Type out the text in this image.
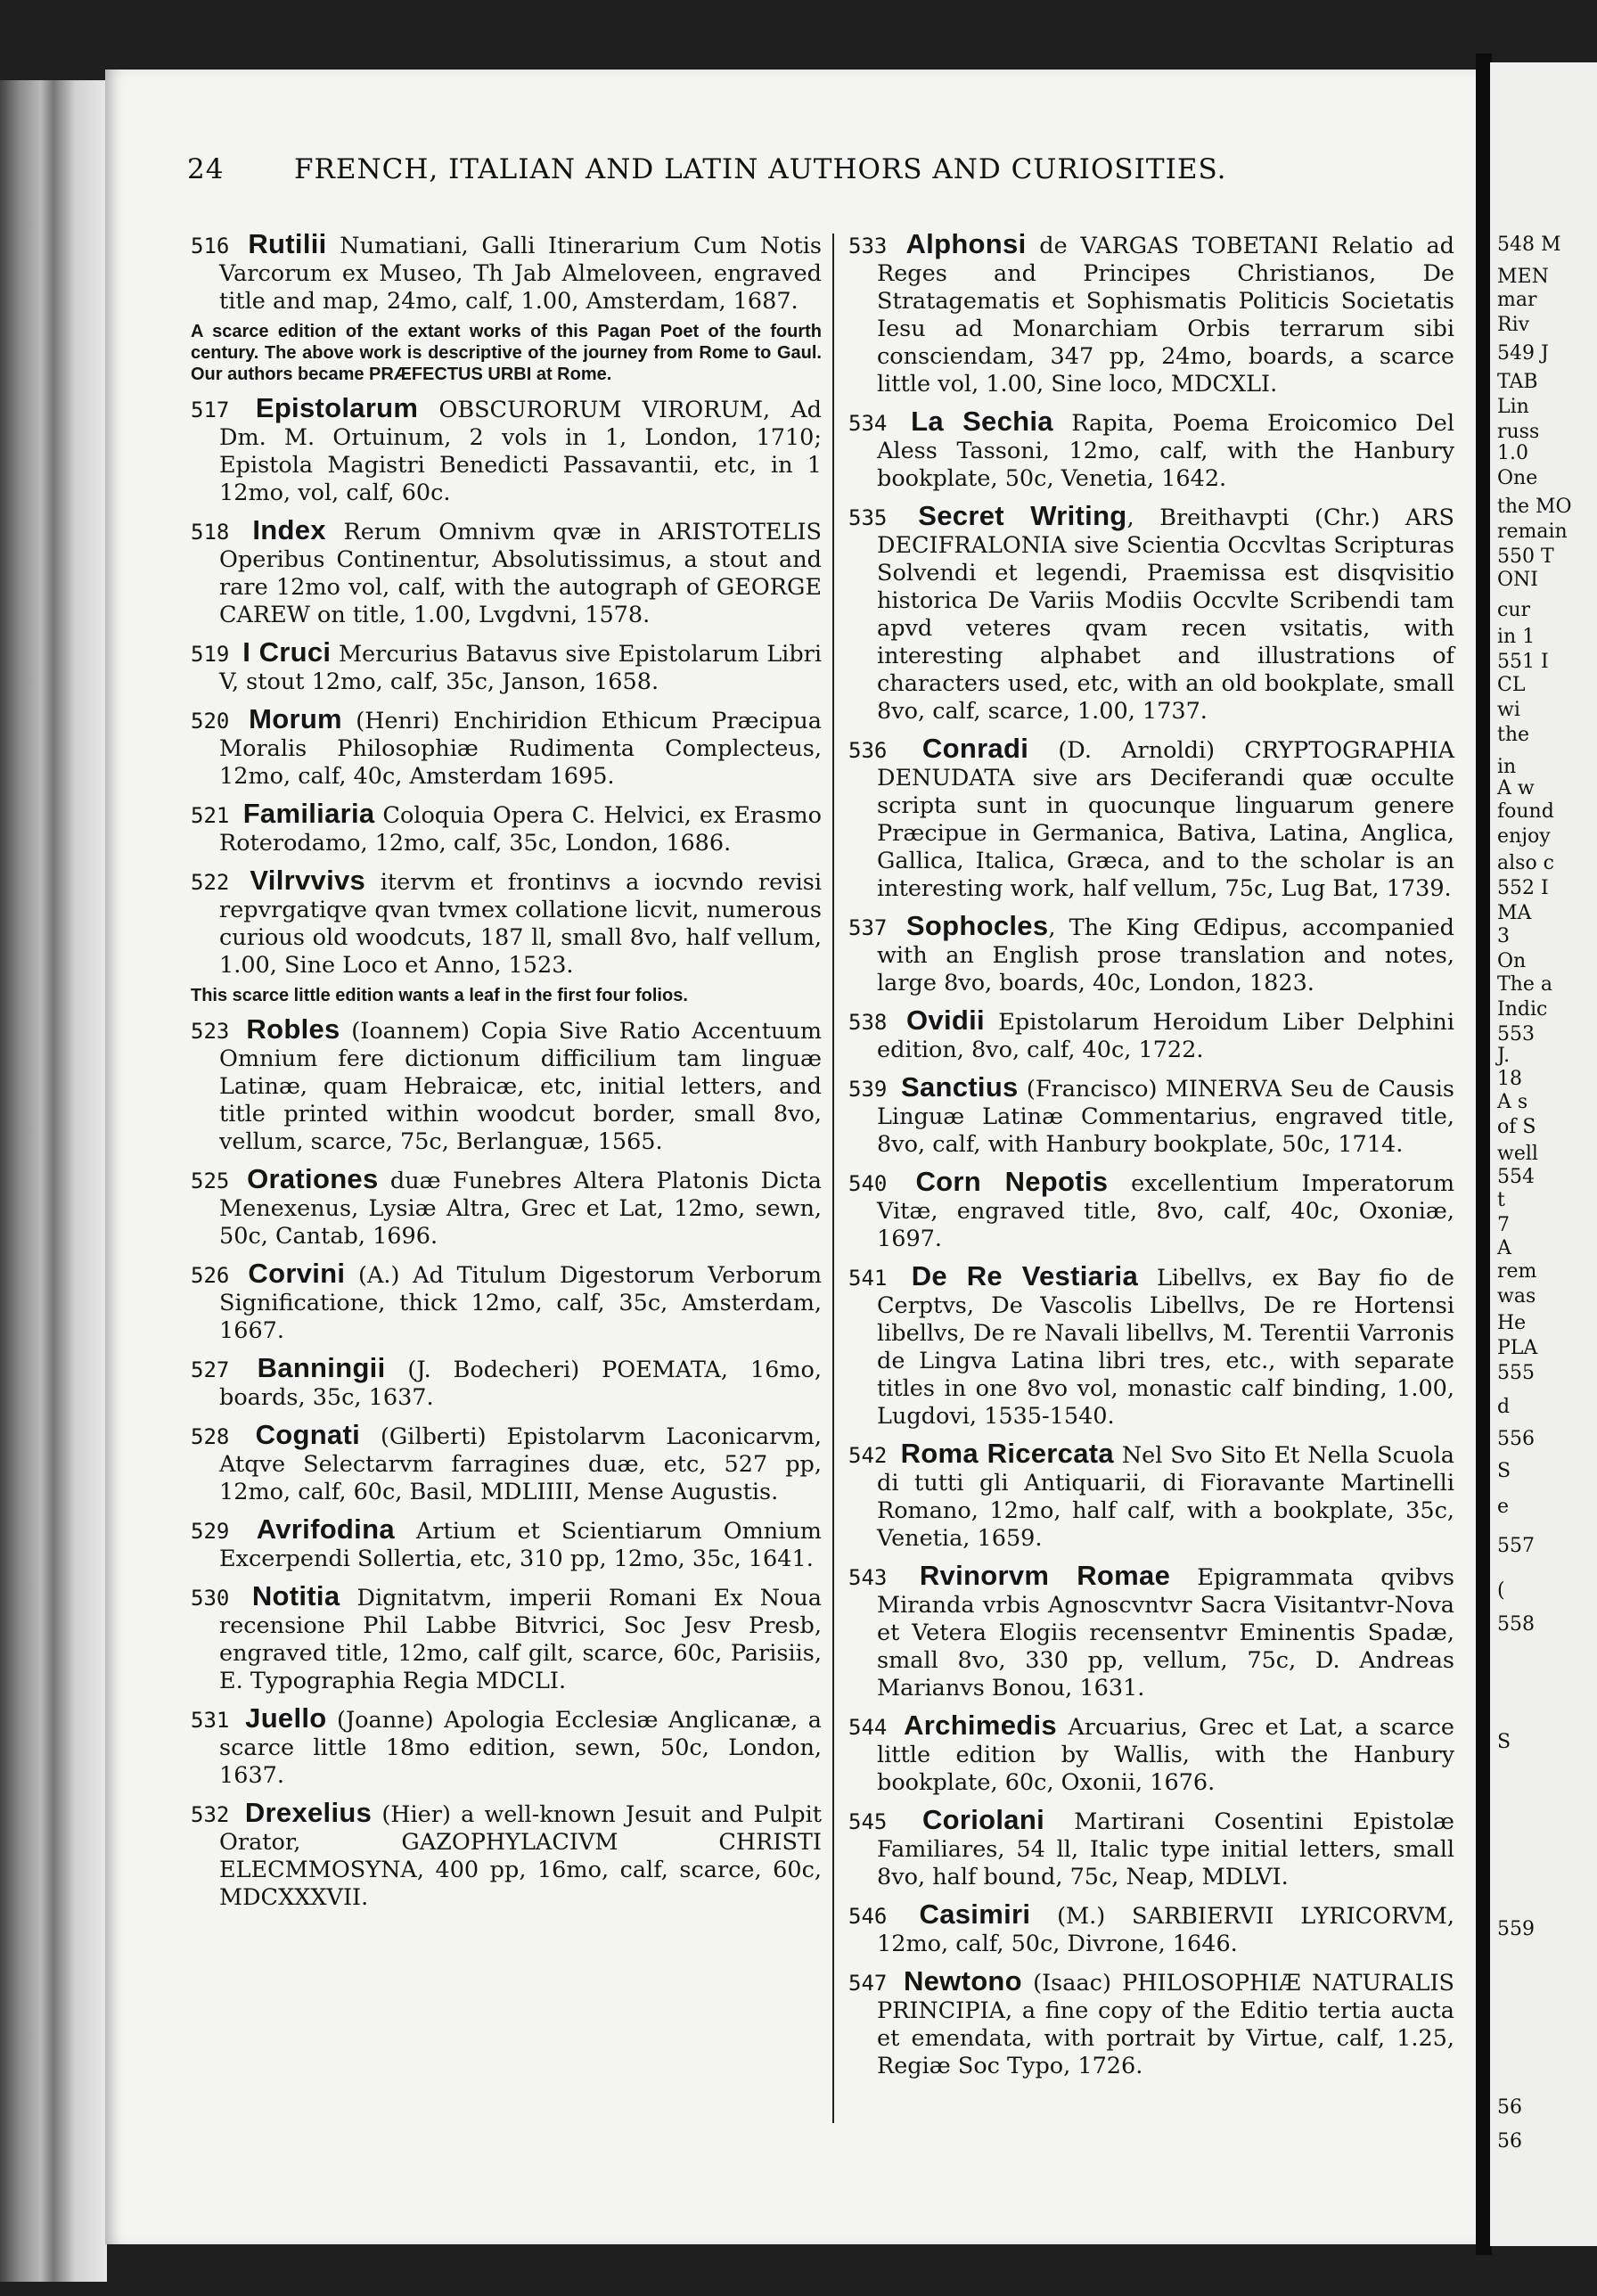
548 M
MEN
mar
Riv
549 J
TAB
Lin
russ
1.0
One
the MO
remain
550 T
ONI
cur
in 1
551 I
CL
wi
the
in
A w
found
enjoy
also c
552 I
MA
3
On
The a
Indic
553
J.
18
A s
of S
well
554
t
7
A
rem
was
He
PLA
555
d
556
S
e
557
(
558
S
559
56
56
24	FRENCH, ITALIAN AND LATIN AUTHORS AND CURIOSITIES.
516 Rutilii Numatiani, Galli Itinerarium Cum Notis Varcorum ex Museo, Th Jab Almeloveen, engraved title and map, 24mo, calf, 1.00, Amsterdam, 1687.
A scarce edition of the extant works of this Pagan Poet of the fourth century. The above work is descriptive of the journey from Rome to Gaul. Our authors became PRÆFECTUS URBI at Rome.
517 Epistolarum OBSCURORUM VIRORUM, Ad Dm. M. Ortuinum, 2 vols in 1, London, 1710; Epistola Magistri Benedicti Passavantii, etc, in 1 12mo, vol, calf, 60c.
518 Index Rerum Omnivm qvæ in ARISTOTELIS Operibus Continentur, Absolutissimus, a stout and rare 12mo vol, calf, with the autograph of GEORGE CAREW on title, 1.00, Lvgdvni, 1578.
519 I Cruci Mercurius Batavus sive Epistolarum Libri V, stout 12mo, calf, 35c, Janson, 1658.
520 Morum (Henri) Enchiridion Ethicum Præcipua Moralis Philosophiæ Rudimenta Complecteus, 12mo, calf, 40c, Amsterdam 1695.
521 Familiaria Coloquia Opera C. Helvici, ex Erasmo Roterodamo, 12mo, calf, 35c, London, 1686.
522 Vilrvvivs itervm et frontinvs a iocvndo revisi repvrgatiqve qvan tvmex collatione licvit, numerous curious old woodcuts, 187 ll, small 8vo, half vellum, 1.00, Sine Loco et Anno, 1523.
This scarce little edition wants a leaf in the first four folios.
523 Robles (Ioannem) Copia Sive Ratio Accentuum Omnium fere dictionum difficilium tam linguæ Latinæ, quam Hebraicæ, etc, initial letters, and title printed within woodcut border, small 8vo, vellum, scarce, 75c, Berlanguæ, 1565.
525 Orationes duæ Funebres Altera Platonis Dicta Menexenus, Lysiæ Altra, Grec et Lat, 12mo, sewn, 50c, Cantab, 1696.
526 Corvini (A.) Ad Titulum Digestorum Verborum Significatione, thick 12mo, calf, 35c, Amsterdam, 1667.
527 Banningii (J. Bodecheri) POEMATA, 16mo, boards, 35c, 1637.
528 Cognati (Gilberti) Epistolarvm Laconicarvm, Atqve Selectarvm farragines duæ, etc, 527 pp, 12mo, calf, 60c, Basil, MDLIIII, Mense Augustis.
529 Avrifodina Artium et Scientiarum Omnium Excerpendi Sollertia, etc, 310 pp, 12mo, 35c, 1641.
530 Notitia Dignitatvm, imperii Romani Ex Noua recensione Phil Labbe Bitvrici, Soc Jesv Presb, engraved title, 12mo, calf gilt, scarce, 60c, Parisiis, E. Typographia Regia MDCLI.
531 Juello (Joanne) Apologia Ecclesiæ Anglicanæ, a scarce little 18mo edition, sewn, 50c, London, 1637.
532 Drexelius (Hier) a well-known Jesuit and Pulpit Orator, GAZOPHYLACIVM CHRISTI ELECMMOSYNA, 400 pp, 16mo, calf, scarce, 60c, MDCXXXVII.
533 Alphonsi de VARGAS TOBETANI Relatio ad Reges and Principes Christianos, De Stratagematis et Sophismatis Politicis Societatis Iesu ad Monarchiam Orbis terrarum sibi consciendam, 347 pp, 24mo, boards, a scarce little vol, 1.00, Sine loco, MDCXLI.
534 La Sechia Rapita, Poema Eroicomico Del Aless Tassoni, 12mo, calf, with the Hanbury bookplate, 50c, Venetia, 1642.
535 Secret Writing, Breithavpti (Chr.) ARS DECIFRALONIA sive Scientia Occvltas Scripturas Solvendi et legendi, Praemissa est disqvisitio historica De Variis Modiis Occvlte Scribendi tam apvd veteres qvam recen vsitatis, with interesting alphabet and illustrations of characters used, etc, with an old bookplate, small 8vo, calf, scarce, 1.00, 1737.
536 Conradi (D. Arnoldi) CRYPTOGRAPHIA DENUDATA sive ars Deciferandi quæ occulte scripta sunt in quocunque linguarum genere Præcipue in Germanica, Bativa, Latina, Anglica, Gallica, Italica, Græca, and to the scholar is an interesting work, half vellum, 75c, Lug Bat, 1739.
537 Sophocles, The King Œdipus, accompanied with an English prose translation and notes, large 8vo, boards, 40c, London, 1823.
538 Ovidii Epistolarum Heroidum Liber Delphini edition, 8vo, calf, 40c, 1722.
539 Sanctius (Francisco) MINERVA Seu de Causis Linguæ Latinæ Commentarius, engraved title, 8vo, calf, with Hanbury bookplate, 50c, 1714.
540 Corn Nepotis excellentium Imperatorum Vitæ, engraved title, 8vo, calf, 40c, Oxoniæ, 1697.
541 De Re Vestiaria Libellvs, ex Bay fio de Cerptvs, De Vascolis Libellvs, De re Hortensi libellvs, De re Navali libellvs, M. Terentii Varronis de Lingva Latina libri tres, etc., with separate titles in one 8vo vol, monastic calf binding, 1.00, Lugdovi, 1535-1540.
542 Roma Ricercata Nel Svo Sito Et Nella Scuola di tutti gli Antiquarii, di Fioravante Martinelli Romano, 12mo, half calf, with a bookplate, 35c, Venetia, 1659.
543 Rvinorvm Romae Epigrammata qvibvs Miranda vrbis Agnoscvntvr Sacra Visitantvr-Nova et Vetera Elogiis recensentvr Eminentis Spadæ, small 8vo, 330 pp, vellum, 75c, D. Andreas Marianvs Bonou, 1631.
544 Archimedis Arcuarius, Grec et Lat, a scarce little edition by Wallis, with the Hanbury bookplate, 60c, Oxonii, 1676.
545 Coriolani Martirani Cosentini Epistolæ Familiares, 54 ll, Italic type initial letters, small 8vo, half bound, 75c, Neap, MDLVI.
546 Casimiri (M.) SARBIERVII LYRICORVM, 12mo, calf, 50c, Divrone, 1646.
547 Newtono (Isaac) PHILOSOPHIÆ NATURALIS PRINCIPIA, a fine copy of the Editio tertia aucta et emendata, with portrait by Virtue, calf, 1.25, Regiæ Soc Typo, 1726.
